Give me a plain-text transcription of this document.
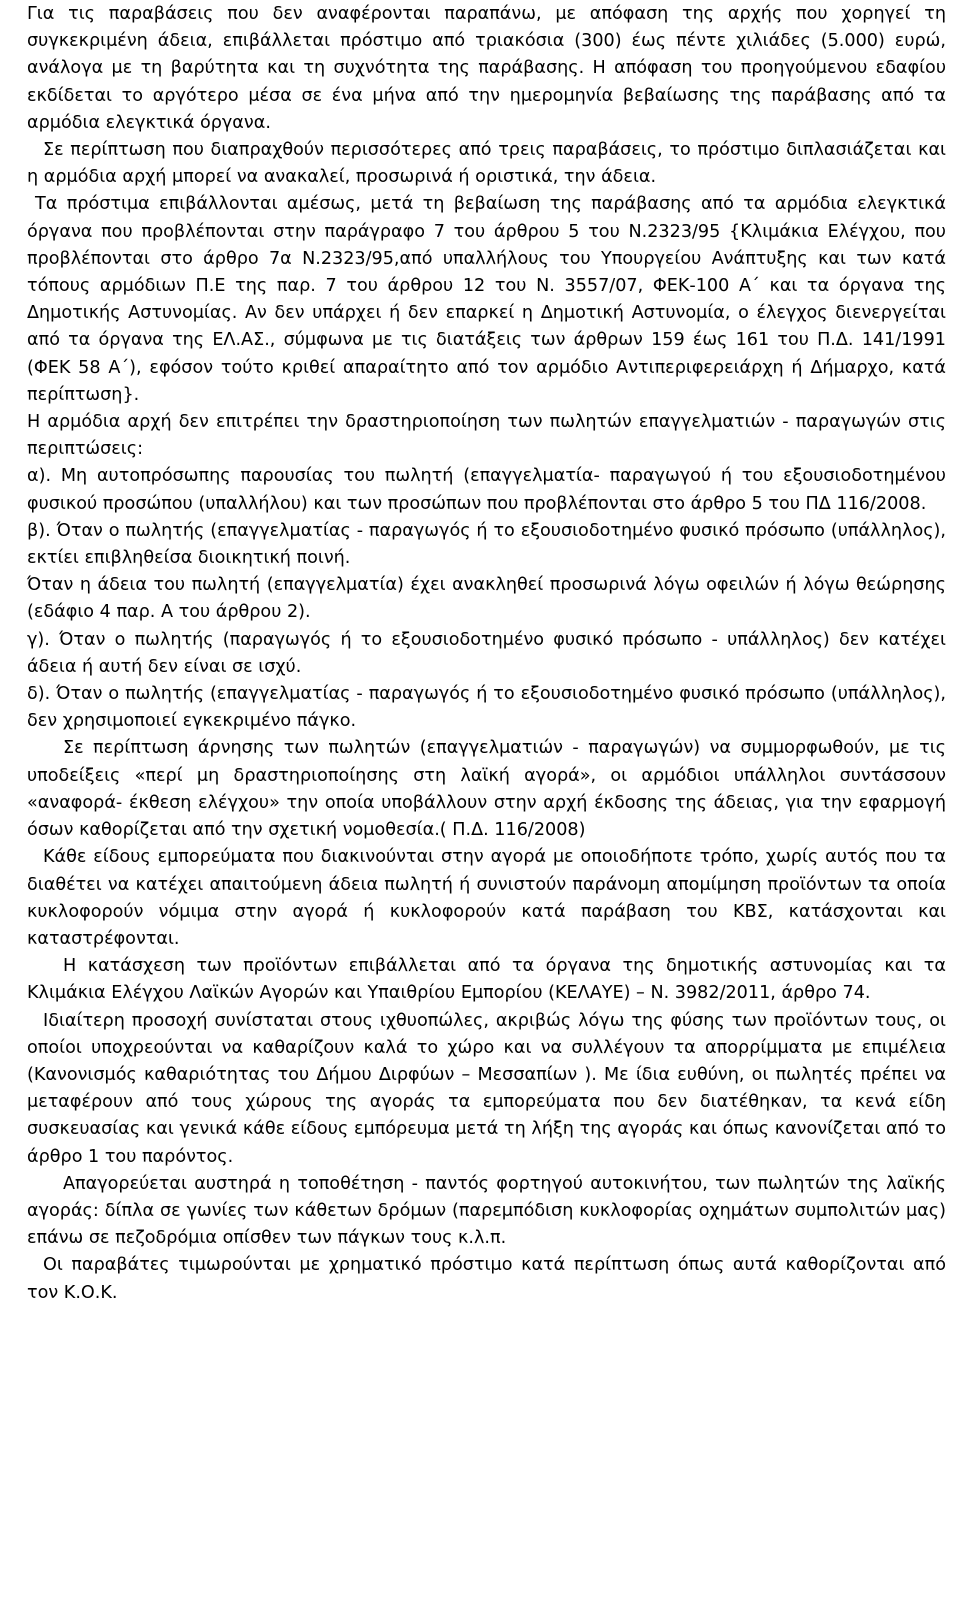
Για τις παραβάσεις που δεν αναφέρονται παραπάνω, με απόφαση της αρχής που χορηγεί τη συγκεκριμένη άδεια, επιβάλλεται πρόστιμο από τριακόσια (300) έως πέντε χιλιάδες (5.000) ευρώ, ανάλογα με τη βαρύτητα και τη συχνότητα της παράβασης. Η απόφαση του προηγούμενου εδαφίου εκδίδεται το αργότερο μέσα σε ένα μήνα από την ημερομηνία βεβαίωσης της παράβασης από τα αρμόδια ελεγκτικά όργανα.

Σε περίπτωση που διαπραχθούν περισσότερες από τρεις παραβάσεις, το πρόστιμο διπλασιάζεται και η αρμόδια αρχή μπορεί να ανακαλεί, προσωρινά ή οριστικά, την άδεια.

Τα πρόστιμα επιβάλλονται αμέσως, μετά τη βεβαίωση της παράβασης από τα αρμόδια ελεγκτικά όργανα που προβλέπονται στην παράγραφο 7 του άρθρου 5 του Ν.2323/95 {Κλιμάκια Ελέγχου, που προβλέπονται στο άρθρο 7α Ν.2323/95,από υπαλλήλους του Υπουργείου Ανάπτυξης και των κατά τόπους αρμόδιων Π.Ε της παρ. 7 του άρθρου 12 του Ν. 3557/07, ΦΕΚ-100 Α΄ και τα όργανα της Δημοτικής Αστυνομίας. Αν δεν υπάρχει ή δεν επαρκεί η Δημοτική Αστυνομία, ο έλεγχος διενεργείται από τα όργανα της ΕΛ.ΑΣ., σύμφωνα με τις διατάξεις των άρθρων 159 έως 161 του Π.Δ. 141/1991 (ΦΕΚ 58 Α΄), εφόσον τούτο κριθεί απαραίτητο από τον αρμόδιο Αντιπεριφερειάρχη ή Δήμαρχο, κατά περίπτωση}.

Η αρμόδια αρχή δεν επιτρέπει την δραστηριοποίηση των πωλητών επαγγελματιών - παραγωγών στις περιπτώσεις:

α). Μη αυτοπρόσωπης παρουσίας του πωλητή (επαγγελματία- παραγωγού ή του εξουσιοδοτημένου φυσικού προσώπου (υπαλλήλου) και των προσώπων που προβλέπονται στο άρθρο 5 του ΠΔ 116/2008.

β). Όταν ο πωλητής (επαγγελματίας - παραγωγός ή το εξουσιοδοτημένο φυσικό πρόσωπο (υπάλληλος), εκτίει επιβληθείσα διοικητική ποινή.

Όταν η άδεια του πωλητή (επαγγελματία) έχει ανακληθεί προσωρινά λόγω οφειλών ή λόγω θεώρησης (εδάφιο 4 παρ. Α του άρθρου 2).

γ). Όταν ο πωλητής (παραγωγός ή το εξουσιοδοτημένο φυσικό πρόσωπο - υπάλληλος) δεν κατέχει άδεια ή αυτή δεν είναι σε ισχύ.

δ). Όταν ο πωλητής (επαγγελματίας - παραγωγός ή το εξουσιοδοτημένο φυσικό πρόσωπο (υπάλληλος), δεν χρησιμοποιεί εγκεκριμένο πάγκο.

Σε περίπτωση άρνησης των πωλητών (επαγγελματιών - παραγωγών) να συμμορφωθούν, με τις υποδείξεις «περί μη δραστηριοποίησης στη λαϊκή αγορά», οι αρμόδιοι υπάλληλοι συντάσσουν «αναφορά- έκθεση ελέγχου» την οποία υποβάλλουν στην αρχή έκδοσης της άδειας, για την εφαρμογή όσων καθορίζεται από την σχετική νομοθεσία.( Π.Δ. 116/2008)

Κάθε είδους εμπορεύματα που διακινούνται στην αγορά με οποιοδήποτε τρόπο, χωρίς αυτός που τα διαθέτει να κατέχει απαιτούμενη άδεια πωλητή ή συνιστούν παράνομη απομίμηση προϊόντων τα οποία κυκλοφορούν νόμιμα στην αγορά ή κυκλοφορούν κατά παράβαση του ΚΒΣ, κατάσχονται και καταστρέφονται.

Η κατάσχεση των προϊόντων επιβάλλεται από τα όργανα της δημοτικής αστυνομίας και τα Κλιμάκια Ελέγχου Λαϊκών Αγορών και Υπαιθρίου Εμπορίου (ΚΕΛΑΥΕ) – Ν. 3982/2011, άρθρο 74.

Ιδιαίτερη προσοχή συνίσταται στους ιχθυοπώλες, ακριβώς λόγω της φύσης των προϊόντων τους, οι οποίοι υποχρεούνται να καθαρίζουν καλά το χώρο και να συλλέγουν τα απορρίμματα με επιμέλεια (Κανονισμός καθαριότητας του Δήμου Διρφύων – Μεσσαπίων ). Με ίδια ευθύνη, οι πωλητές πρέπει να μεταφέρουν από τους χώρους της αγοράς τα εμπορεύματα που δεν διατέθηκαν, τα κενά είδη συσκευασίας και γενικά κάθε είδους εμπόρευμα μετά τη λήξη της αγοράς και όπως κανονίζεται από το άρθρο 1 του παρόντος.

Απαγορεύεται αυστηρά η τοποθέτηση - παντός φορτηγού αυτοκινήτου, των πωλητών της λαϊκής αγοράς: δίπλα σε γωνίες των κάθετων δρόμων (παρεμπόδιση κυκλοφορίας οχημάτων συμπολιτών μας) επάνω σε πεζοδρόμια οπίσθεν των πάγκων τους κ.λ.π.

Οι παραβάτες τιμωρούνται με χρηματικό πρόστιμο κατά περίπτωση όπως αυτά καθορίζονται από τον Κ.Ο.Κ.
